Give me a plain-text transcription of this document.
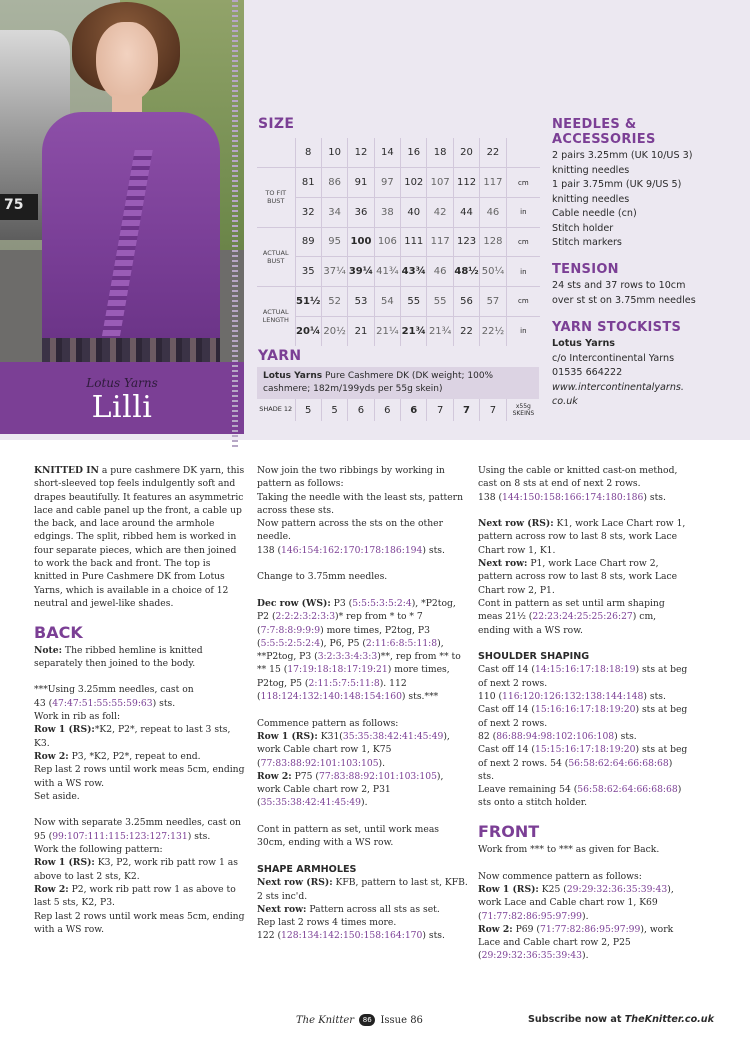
75
Lotus Yarns
Lilli
SIZE
	8	10	12	14	16	18	20	22	
TO FIT BUST	81	86	91	97	102	107	112	117	cm
	32	34	36	38	40	42	44	46	in
ACTUAL BUST	89	95	100	106	111	117	123	128	cm
	35	37¼	39¼	41¾	43¾	46	48½	50¼	in
ACTUAL LENGTH	51½	52	53	54	55	55	56	57	cm
	20¼	20½	21	21¼	21¾	21¾	22	22½	in
YARN
Lotus Yarns Pure Cashmere DK (DK weight; 100% cashmere; 182m/199yds per 55g skein)
SHADE 12	5	5	6	6	6	7	7	7	x55g SKEINS
NEEDLES & ACCESSORIES
2 pairs 3.25mm (UK 10/US 3)
knitting needles
1 pair 3.75mm (UK 9/US 5)
knitting needles
Cable needle (cn)
Stitch holder
Stitch markers
TENSION
24 sts and 37 rows to 10cm
over st st on 3.75mm needles
YARN STOCKISTS
Lotus Yarns
c/o Intercontinental Yarns
01535 664222
www.intercontinentalyarns.
co.uk

KNITTED IN a pure cashmere DK yarn, this short-sleeved top feels indulgently soft and drapes beautifully. It features an asymmetric lace and cable panel up the front, a cable up the back, and lace around the armhole edgings. The split, ribbed hem is worked in four separate pieces, which are then joined to work the back and front. The top is knitted in Pure Cashmere DK from Lotus Yarns, which is available in a choice of 12 neutral and jewel-like shades.

BACK

Note: The ribbed hemline is knitted separately then joined to the body.

***Using 3.25mm needles, cast on

43 (47:47:51:55:55:59:63) sts.

Work in rib as foll:

Row 1 (RS):*K2, P2*, repeat to last 3 sts, K3.

Row 2: P3, *K2, P2*, repeat to end.

Rep last 2 rows until work meas 5cm, ending with a WS row.

Set aside.

Now with separate 3.25mm needles, cast on 95 (99:107:111:115:123:127:131) sts.

Work the following pattern:

Row 1 (RS): K3, P2, work rib patt row 1 as above to last 2 sts, K2.

Row 2: P2, work rib patt row 1 as above to last 5 sts, K2, P3.

Rep last 2 rows until work meas 5cm, ending with a WS row.

Now join the two ribbings by working in pattern as follows:

Taking the needle with the least sts, pattern across these sts.

Now pattern across the sts on the other needle.

138 (146:154:162:170:178:186:194) sts.

Change to 3.75mm needles.

Dec row (WS): P3 (5:5:5:3:5:2:4), *P2tog, P2 (2:2:2:3:2:3:3)* rep from * to * 7 (7:7:8:8:9:9:9) more times, P2tog, P3 (5:5:5:2:5:2:4), P6, P5 (2:11:6:8:5:11:8), **P2tog, P3 (3:2:3:3:4:3:3)**, rep from ** to ** 15 (17:19:18:18:17:19:21) more times, P2tog, P5 (2:11:5:7:5:11:8). 112 (118:124:132:140:148:154:160) sts.***

Commence pattern as follows:

Row 1 (RS): K31(35:35:38:42:41:45:49), work Cable chart row 1, K75 (77:83:88:92:101:103:105).

Row 2: P75 (77:83:88:92:101:103:105), work Cable chart row 2, P31 (35:35:38:42:41:45:49).

Cont in pattern as set, until work meas 30cm, ending with a WS row.

SHAPE ARMHOLES

Next row (RS): KFB, pattern to last st, KFB. 2 sts inc'd.

Next row: Pattern across all sts as set.

Rep last 2 rows 4 times more.

122 (128:134:142:150:158:164:170) sts.

Using the cable or knitted cast-on method, cast on 8 sts at end of next 2 rows.

138 (144:150:158:166:174:180:186) sts.

Next row (RS): K1, work Lace Chart row 1, pattern across row to last 8 sts, work Lace Chart row 1, K1.

Next row: P1, work Lace Chart row 2, pattern across row to last 8 sts, work Lace Chart row 2, P1.

Cont in pattern as set until arm shaping meas 21½ (22:23:24:25:25:26:27) cm, ending with a WS row.

SHOULDER SHAPING

Cast off 14 (14:15:16:17:18:18:19) sts at beg of next 2 rows.

110 (116:120:126:132:138:144:148) sts.

Cast off 14 (15:16:16:17:18:19:20) sts at beg of next 2 rows.

82 (86:88:94:98:102:106:108) sts.

Cast off 14 (15:15:16:17:18:19:20) sts at beg of next 2 rows. 54 (56:58:62:64:66:68:68) sts.

Leave remaining 54 (56:58:62:64:66:68:68) sts onto a stitch holder.

FRONT

Work from *** to *** as given for Back.

Now commence pattern as follows:

Row 1 (RS): K25 (29:29:32:36:35:39:43), work Lace and Cable chart row 1, K69 (71:77:82:86:95:97:99).

Row 2: P69 (71:77:82:86:95:97:99), work Lace and Cable chart row 2, P25 (29:29:32:36:35:39:43).

The Knitter 86 Issue 86	Subscribe now at TheKnitter.co.uk
